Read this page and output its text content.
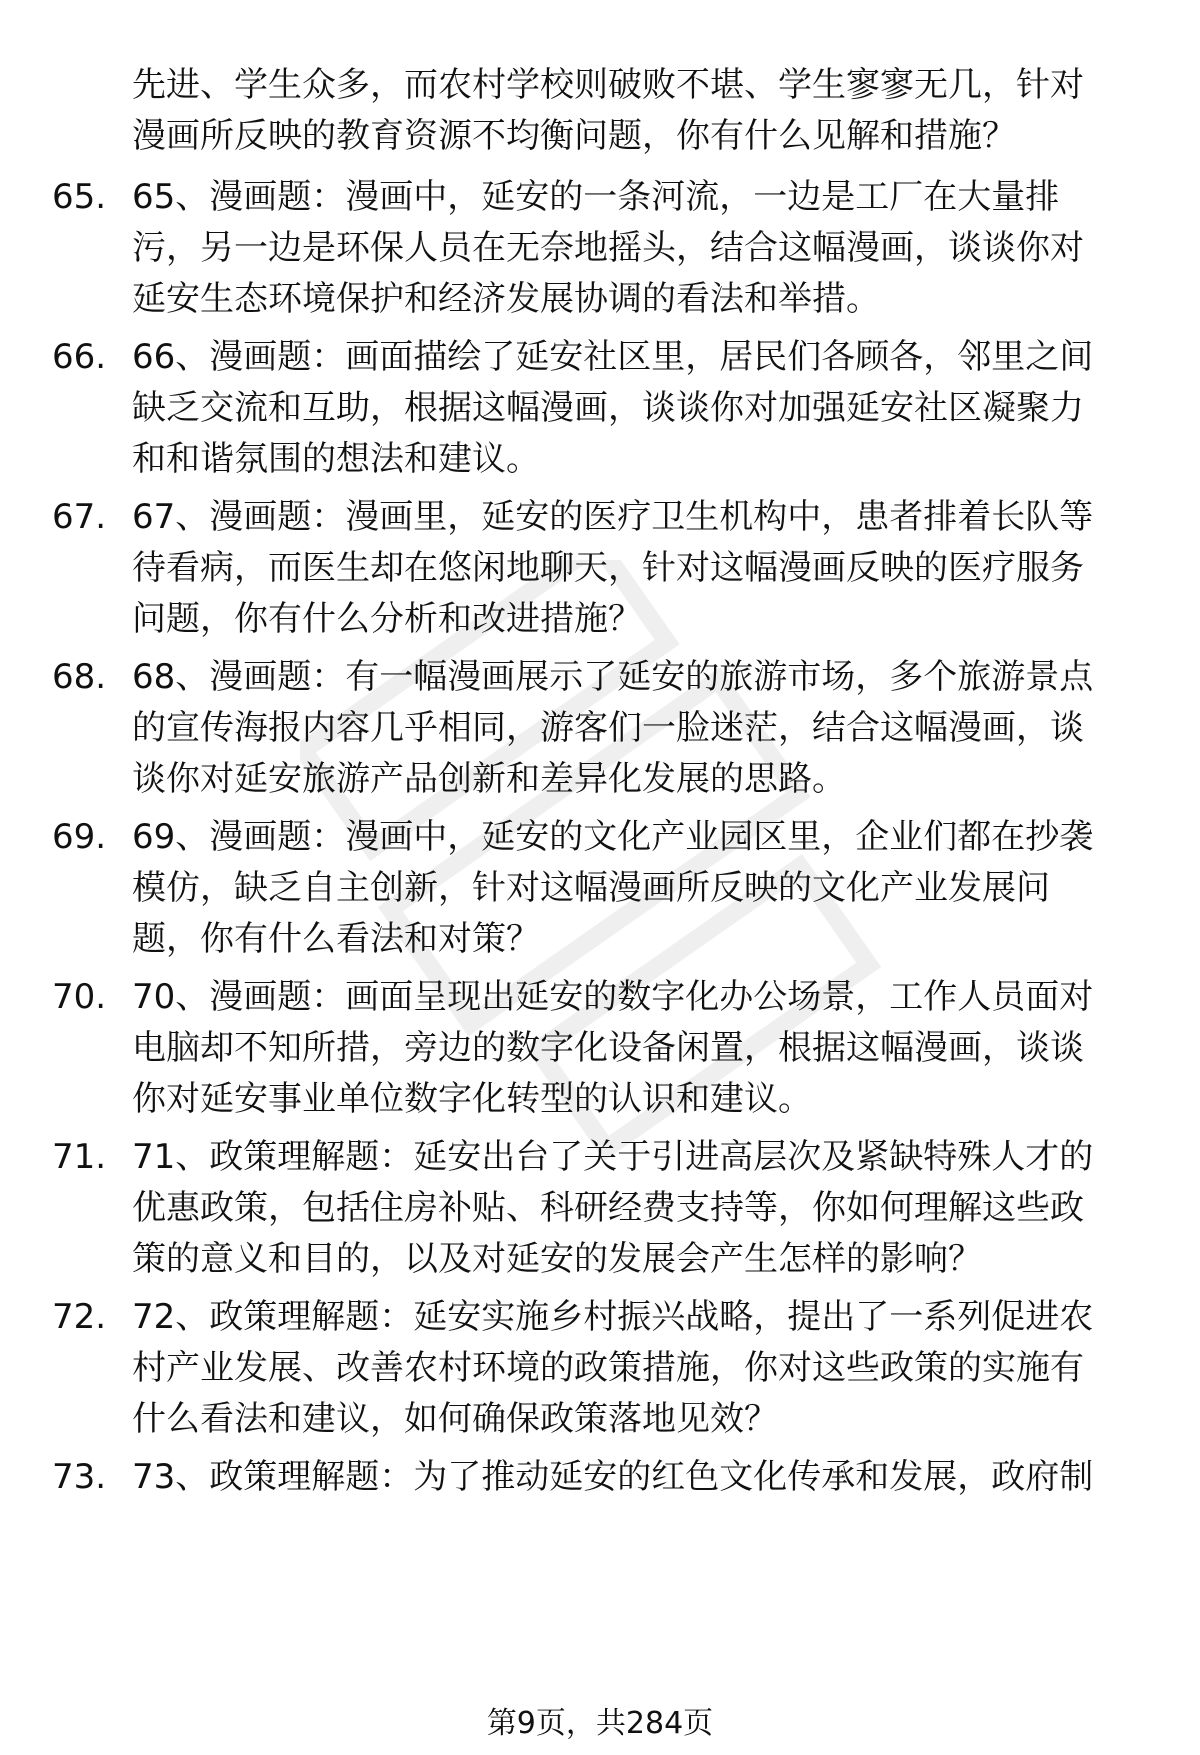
先进、学生众多，而农村学校则破败不堪、学生寥寥无几，针对

漫画所反映的教育资源不均衡问题，你有什么见解和措施？

65. 65、漫画题：漫画中，延安的一条河流，一边是工厂在大量排
污，另一边是环保人员在无奈地摇头，结合这幅漫画，谈谈你对
延安生态环境保护和经济发展协调的看法和举措。
66. 66、漫画题：画面描绘了延安社区里，居民们各顾各，邻里之间
缺乏交流和互助，根据这幅漫画，谈谈你对加强延安社区凝聚力
和和谐氛围的想法和建议。
67. 67、漫画题：漫画里，延安的医疗卫生机构中，患者排着长队等
待看病，而医生却在悠闲地聊天，针对这幅漫画反映的医疗服务
问题，你有什么分析和改进措施？
68. 68、漫画题：有一幅漫画展示了延安的旅游市场，多个旅游景点
的宣传海报内容几乎相同，游客们一脸迷茫，结合这幅漫画，谈
谈你对延安旅游产品创新和差异化发展的思路。
69. 69、漫画题：漫画中，延安的文化产业园区里，企业们都在抄袭
模仿，缺乏自主创新，针对这幅漫画所反映的文化产业发展问
题，你有什么看法和对策？
70. 70、漫画题：画面呈现出延安的数字化办公场景，工作人员面对
电脑却不知所措，旁边的数字化设备闲置，根据这幅漫画，谈谈
你对延安事业单位数字化转型的认识和建议。
71. 71、政策理解题：延安出台了关于引进高层次及紧缺特殊人才的
优惠政策，包括住房补贴、科研经费支持等，你如何理解这些政
策的意义和目的，以及对延安的发展会产生怎样的影响？
72. 72、政策理解题：延安实施乡村振兴战略，提出了一系列促进农
村产业发展、改善农村环境的政策措施，你对这些政策的实施有
什么看法和建议，如何确保政策落地见效？
73. 73、政策理解题：为了推动延安的红色文化传承和发展，政府制
第9页，共284页
